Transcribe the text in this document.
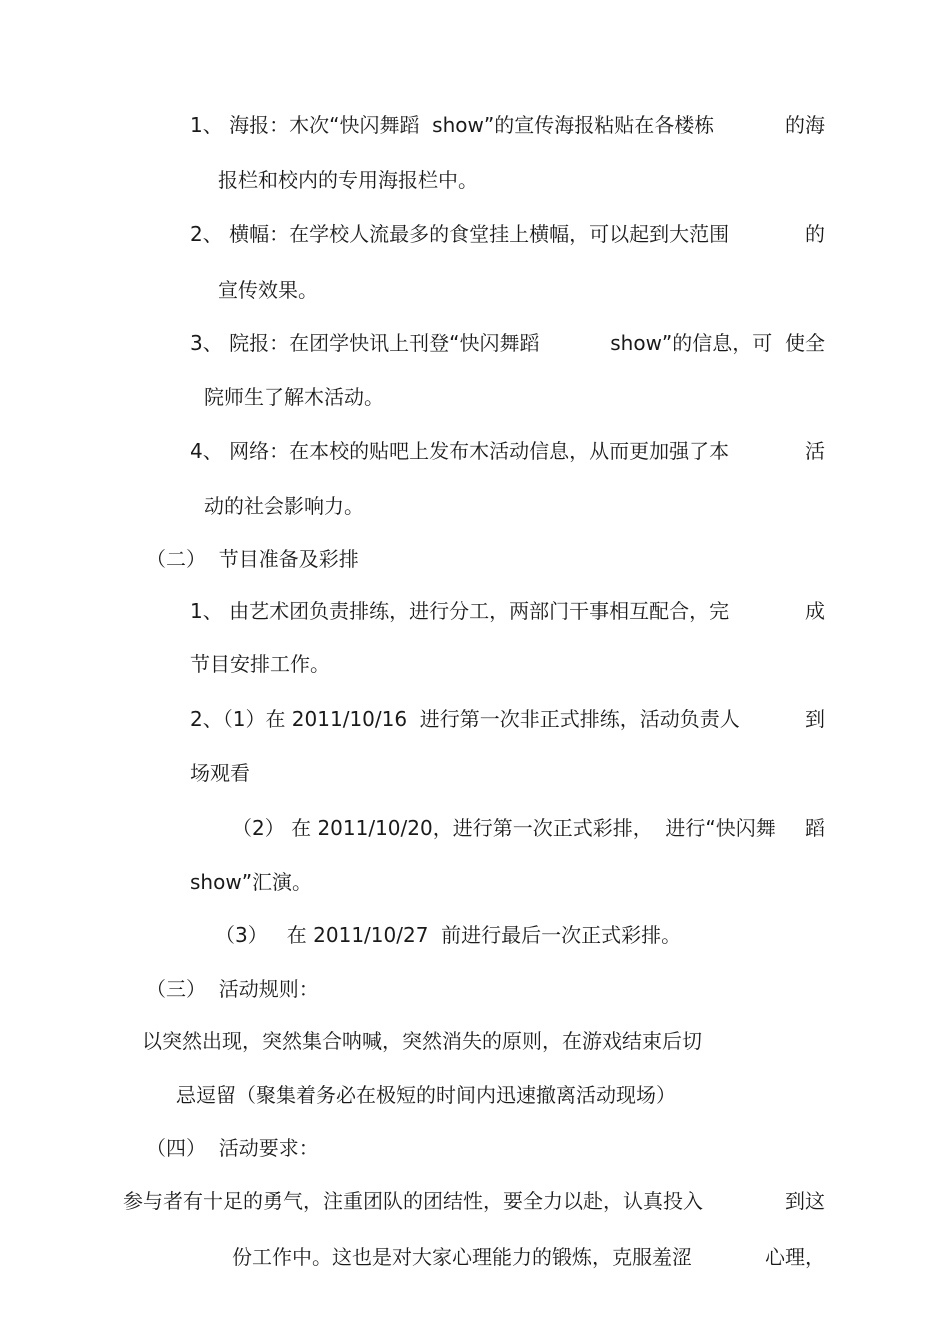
1、 海报：木次“快闪舞蹈  show”的宣传海报粘贴在各楼栋	的海
报栏和校内的专用海报栏中。
2、 横幅：在学校人流最多的食堂挂上横幅，可以起到大范围	的
宣传效果。
3、 院报：在团学快讯上刊登“快闪舞蹈	show”的信息，可  使全
院师生了解木活动。
4、 网络：在本校的贴吧上发布木活动信息，从而更加强了本	活
动的社会影响力。
（二）  节目准备及彩排
1、 由艺术团负责排练，进行分工，两部门干事相互配合，完	成
节目安排工作。
2、（1）在 2011/10/16  进行第一次非正式排练，活动负责人	到
场观看
（2） 在 2011/10/20，进行第一次正式彩排，  进行“快闪舞 蹈
show”汇演。
（3）   在 2011/10/27  前进行最后一次正式彩排。
（三）  活动规则：
以突然出现，突然集合呐喊，突然消失的原则，在游戏结束后切
忌逗留（聚集着务必在极短的时间内迅速撤离活动现场）
（四）  活动要求：
参与者有十足的勇气，注重团队的团结性，要全力以赴，认真投入	到这
份工作中。这也是对大家心理能力的锻炼，克服羞涩	心理，
